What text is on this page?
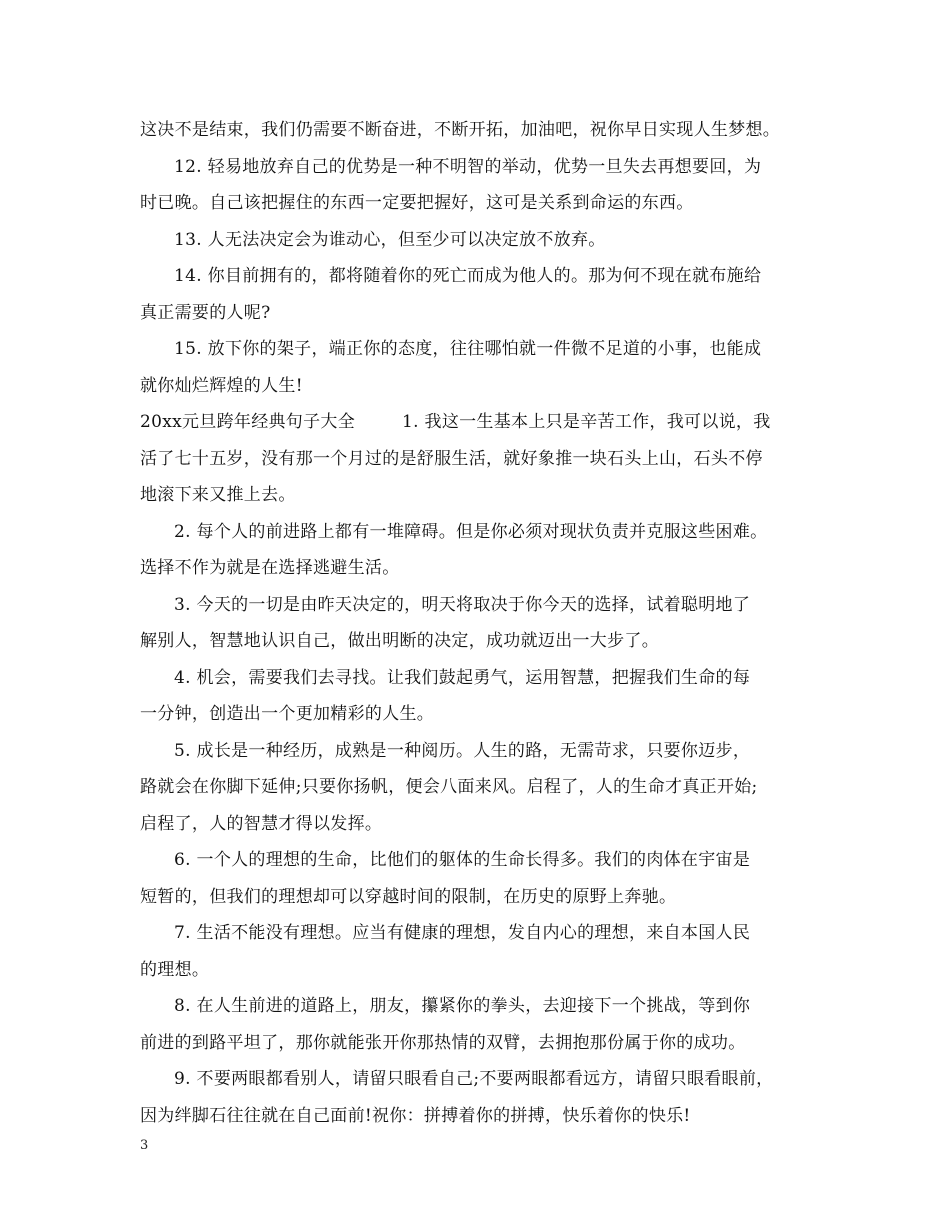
这决不是结束，我们仍需要不断奋进，不断开拓，加油吧，祝你早日实现人生梦想。
12. 轻易地放弃自己的优势是一种不明智的举动，优势一旦失去再想要回，为
时已晚。自己该把握住的东西一定要把握好，这可是关系到命运的东西。
13. 人无法决定会为谁动心，但至少可以决定放不放弃。
14. 你目前拥有的，都将随着你的死亡而成为他人的。那为何不现在就布施给
真正需要的人呢?
15. 放下你的架子，端正你的态度，往往哪怕就一件微不足道的小事，也能成
就你灿烂辉煌的人生!
20xx元旦跨年经典句子大全	1. 我这一生基本上只是辛苦工作，我可以说，我
活了七十五岁，没有那一个月过的是舒服生活，就好象推一块石头上山，石头不停
地滚下来又推上去。
2. 每个人的前进路上都有一堆障碍。但是你必须对现状负责并克服这些困难。
选择不作为就是在选择逃避生活。
3. 今天的一切是由昨天决定的，明天将取决于你今天的选择，试着聪明地了
解别人，智慧地认识自己，做出明断的决定，成功就迈出一大步了。
4. 机会，需要我们去寻找。让我们鼓起勇气，运用智慧，把握我们生命的每
一分钟，创造出一个更加精彩的人生。
5. 成长是一种经历，成熟是一种阅历。人生的路，无需苛求，只要你迈步，
路就会在你脚下延伸;只要你扬帆，便会八面来风。启程了，人的生命才真正开始;
启程了，人的智慧才得以发挥。
6. 一个人的理想的生命，比他们的躯体的生命长得多。我们的肉体在宇宙是
短暂的，但我们的理想却可以穿越时间的限制，在历史的原野上奔驰。
7. 生活不能没有理想。应当有健康的理想，发自内心的理想，来自本国人民
的理想。
8. 在人生前进的道路上，朋友，攥紧你的拳头，去迎接下一个挑战，等到你
前进的到路平坦了，那你就能张开你那热情的双臂，去拥抱那份属于你的成功。
9. 不要两眼都看别人，请留只眼看自己;不要两眼都看远方，请留只眼看眼前，
因为绊脚石往往就在自己面前!祝你：拼搏着你的拼搏，快乐着你的快乐!
3
